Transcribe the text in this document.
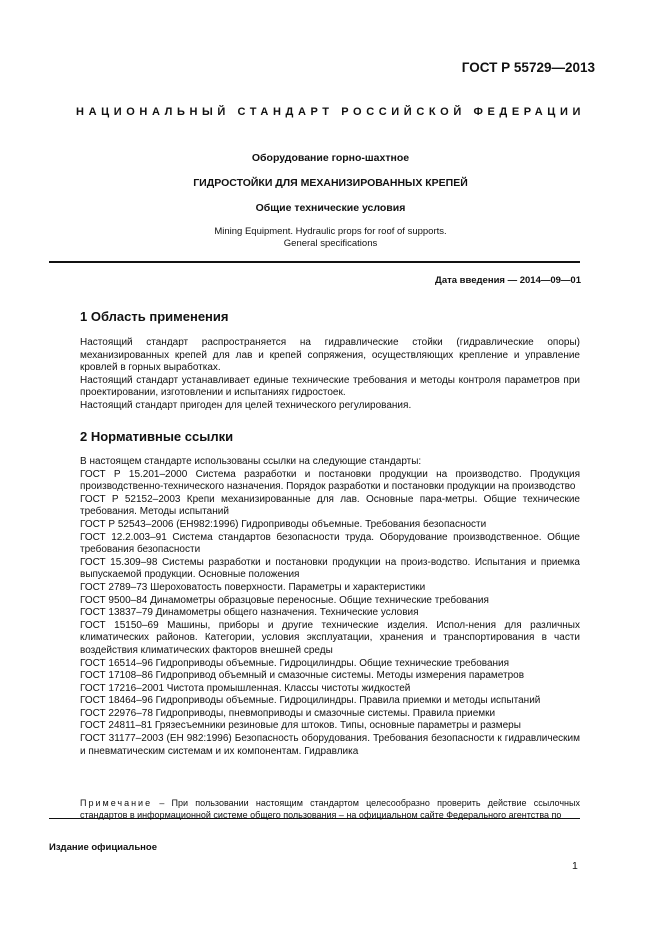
ГОСТ Р 55729—2013
НАЦИОНАЛЬНЫЙ СТАНДАРТ РОССИЙСКОЙ ФЕДЕРАЦИИ
Оборудование горно-шахтное
ГИДРОСТОЙКИ ДЛЯ МЕХАНИЗИРОВАННЫХ КРЕПЕЙ
Общие технические условия
Mining Equipment. Hydraulic props for roof of supports.
General specifications
Дата введения — 2014—09—01
1 Область применения

Настоящий стандарт распространяется на гидравлические стойки (гидравлические опоры) механизированных крепей для лав и крепей сопряжения, осуществляющих крепление и управление кровлей в горных выработках.

Настоящий стандарт устанавливает единые технические требования и методы контроля параметров при проектировании, изготовлении и испытаниях гидростоек.

Настоящий стандарт пригоден для целей технического регулирования.

2 Нормативные ссылки

В настоящем стандарте использованы ссылки на следующие стандарты:

ГОСТ Р 15.201–2000 Система разработки и постановки продукции на производство. Продукция производственно-технического назначения. Порядок разработки и постановки продукции на производство

ГОСТ Р 52152–2003 Крепи механизированные для лав. Основные пара-метры. Общие технические требования. Методы испытаний

ГОСТ Р 52543–2006 (ЕН982:1996) Гидроприводы объемные. Требования безопасности

ГОСТ 12.2.003–91 Система стандартов безопасности труда. Оборудование производственное. Общие требования безопасности

ГОСТ 15.309–98 Системы разработки и постановки продукции на произ-водство. Испытания и приемка выпускаемой продукции. Основные положения

ГОСТ 2789–73 Шероховатость поверхности. Параметры и характеристики

ГОСТ 9500–84 Динамометры образцовые переносные. Общие технические требования

ГОСТ 13837–79 Динамометры общего назначения. Технические условия

ГОСТ 15150–69 Машины, приборы и другие технические изделия. Испол-нения для различных климатических районов. Категории, условия эксплуатации, хранения и транспортирования в части воздействия климатических факторов внешней среды

ГОСТ 16514–96 Гидроприводы объемные. Гидроцилиндры. Общие технические требования

ГОСТ 17108–86 Гидропривод объемный и смазочные системы. Методы измерения параметров

ГОСТ 17216–2001 Чистота промышленная. Классы чистоты жидкостей

ГОСТ 18464–96 Гидроприводы объемные. Гидроцилиндры. Правила приемки и методы испытаний

ГОСТ 22976–78 Гидроприводы, пневмоприводы и смазочные системы. Правила приемки

ГОСТ 24811–81 Грязесъемники резиновые для штоков. Типы, основные параметры и размеры

ГОСТ 31177–2003 (ЕН 982:1996) Безопасность оборудования. Требования безопасности к гидравлическим и пневматическим системам и их компонентам. Гидравлика

Примечание – При пользовании настоящим стандартом целесообразно проверить действие ссылочных стандартов в информационной системе общего пользования – на официальном сайте Федерального агентства по
Издание официальное
1
